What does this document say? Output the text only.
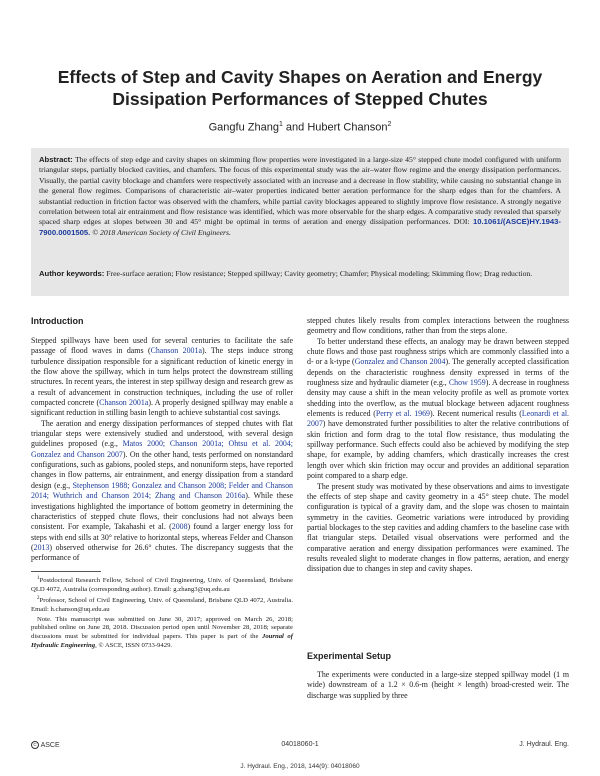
Effects of Step and Cavity Shapes on Aeration and Energy
Dissipation Performances of Stepped Chutes
Gangfu Zhang$^1$ and Hubert Chanson$^2$
Abstract: The effects of step edge and cavity shapes on skimming flow properties were investigated in a large-size 45° stepped chute model configured with uniform triangular steps, partially blocked cavities, and chamfers. The focus of this experimental study was the air–water flow regime and the energy dissipation performances. Visually, the partial cavity blockage and chamfers were respectively associated with an increase and a decrease in flow stability, while causing no substantial change in the general flow regimes. Comparisons of characteristic air–water properties indicated better aeration performance for the sharp edges than for the chamfers. A substantial reduction in friction factor was observed with the chamfers, while partial cavity blockages appeared to slightly improve flow resistance. A strongly negative correlation between total air entrainment and flow resistance was identified, which was more observable for the sharp edges. A comparative study revealed that sparsely spaced sharp edges at slopes between 30 and 45° might be optimal in terms of aeration and energy dissipation performances. DOI: 10.1061/(ASCE)HY.1943-7900.0001505. © 2018 American Society of Civil Engineers.
Author keywords: Free-surface aeration; Flow resistance; Stepped spillway; Cavity geometry; Chamfer; Physical modeling; Skimming flow; Drag reduction.
Introduction

Stepped spillways have been used for several centuries to facilitate the safe passage of flood waves in dams (Chanson 2001a). The steps induce strong turbulence dissipation responsible for a significant reduction of kinetic energy in the flow above the spillway, which in turn helps protect the downstream stilling structures. In recent years, the interest in step spillway design and research grew as a result of advancement in construction techniques, including the use of roller compacted concrete (Chanson 2001a). A properly designed spillway may enable a significant reduction in stilling basin length to achieve substantial cost savings.

The aeration and energy dissipation performances of stepped chutes with flat triangular steps were extensively studied and understood, with several design guidelines proposed (e.g., Matos 2000; Chanson 2001a; Ohtsu et al. 2004; Gonzalez and Chanson 2007). On the other hand, tests performed on nonstandard configurations, such as gabions, pooled steps, and nonuniform steps, have reported changes in flow patterns, air entrainment, and energy dissipation from a standard design (e.g., Stephenson 1988; Gonzalez and Chanson 2008; Felder and Chanson 2014; Wuthrich and Chanson 2014; Zhang and Chanson 2016a). While these investigations highlighted the importance of bottom geometry in determining the characteristics of stepped chute flows, their conclusions had not always been consistent. For example, Takahashi et al. (2008) found a larger energy loss for steps with end sills at 30° relative to horizontal steps, whereas Felder and Chanson (2013) observed otherwise for 26.6° chutes. The discrepancy suggests that the performance of

$^1$Postdoctoral Research Fellow, School of Civil Engineering, Univ. of Queensland, Brisbane QLD 4072, Australia (corresponding author). Email: g.zhang3@uq.edu.au

$^2$Professor, School of Civil Engineering, Univ. of Queensland, Brisbane QLD 4072, Australia. Email: h.chanson@uq.edu.au

Note. This manuscript was submitted on June 30, 2017; approved on March 26, 2018; published online on June 28, 2018. Discussion period open until November 28, 2018; separate discussions must be submitted for individual papers. This paper is part of the Journal of Hydraulic Engineering, © ASCE, ISSN 0733-9429.

stepped chutes likely results from complex interactions between the roughness geometry and flow conditions, rather than from the steps alone.

To better understand these effects, an analogy may be drawn between stepped chute flows and those past roughness strips which are commonly classified into a d- or a k-type (Gonzalez and Chanson 2004). The generally accepted classification depends on the characteristic roughness density expressed in terms of the roughness size and hydraulic diameter (e.g., Chow 1959). A decrease in roughness density may cause a shift in the mean velocity profile as well as promote vortex shedding into the overflow, as the mutual blockage between adjacent roughness elements is reduced (Perry et al. 1969). Recent numerical results (Leonardi et al. 2007) have demonstrated further possibilities to alter the relative contributions of skin friction and form drag to the total flow resistance, thus modulating the spillway performance. Such effects could also be achieved by modifying the step shape, for example, by adding chamfers, which drastically increases the crest length over which skin friction may occur and provides an additional separation point compared to a sharp edge.

The present study was motivated by these observations and aims to investigate the effects of step shape and cavity geometry in a 45° steep chute. The model configuration is typical of a gravity dam, and the slope was chosen to maintain symmetry in the cavities. Geometric variations were introduced by providing partial blockages to the step cavities and adding chamfers to the baseline case with flat triangular steps. Detailed visual observations were performed and the comparative aeration and energy dissipation performances were examined. The results revealed slight to moderate changes in flow patterns, aeration, and energy dissipation due to changes in step and cavity shapes.

Experimental Setup

The experiments were conducted in a large-size stepped spillway model (1 m wide) downstream of a 1.2 × 0.6-m (height × length) broad-crested weir. The discharge was supplied by three

C ASCE	04018060-1	J. Hydraul. Eng.
J. Hydraul. Eng., 2018, 144(9): 04018060
